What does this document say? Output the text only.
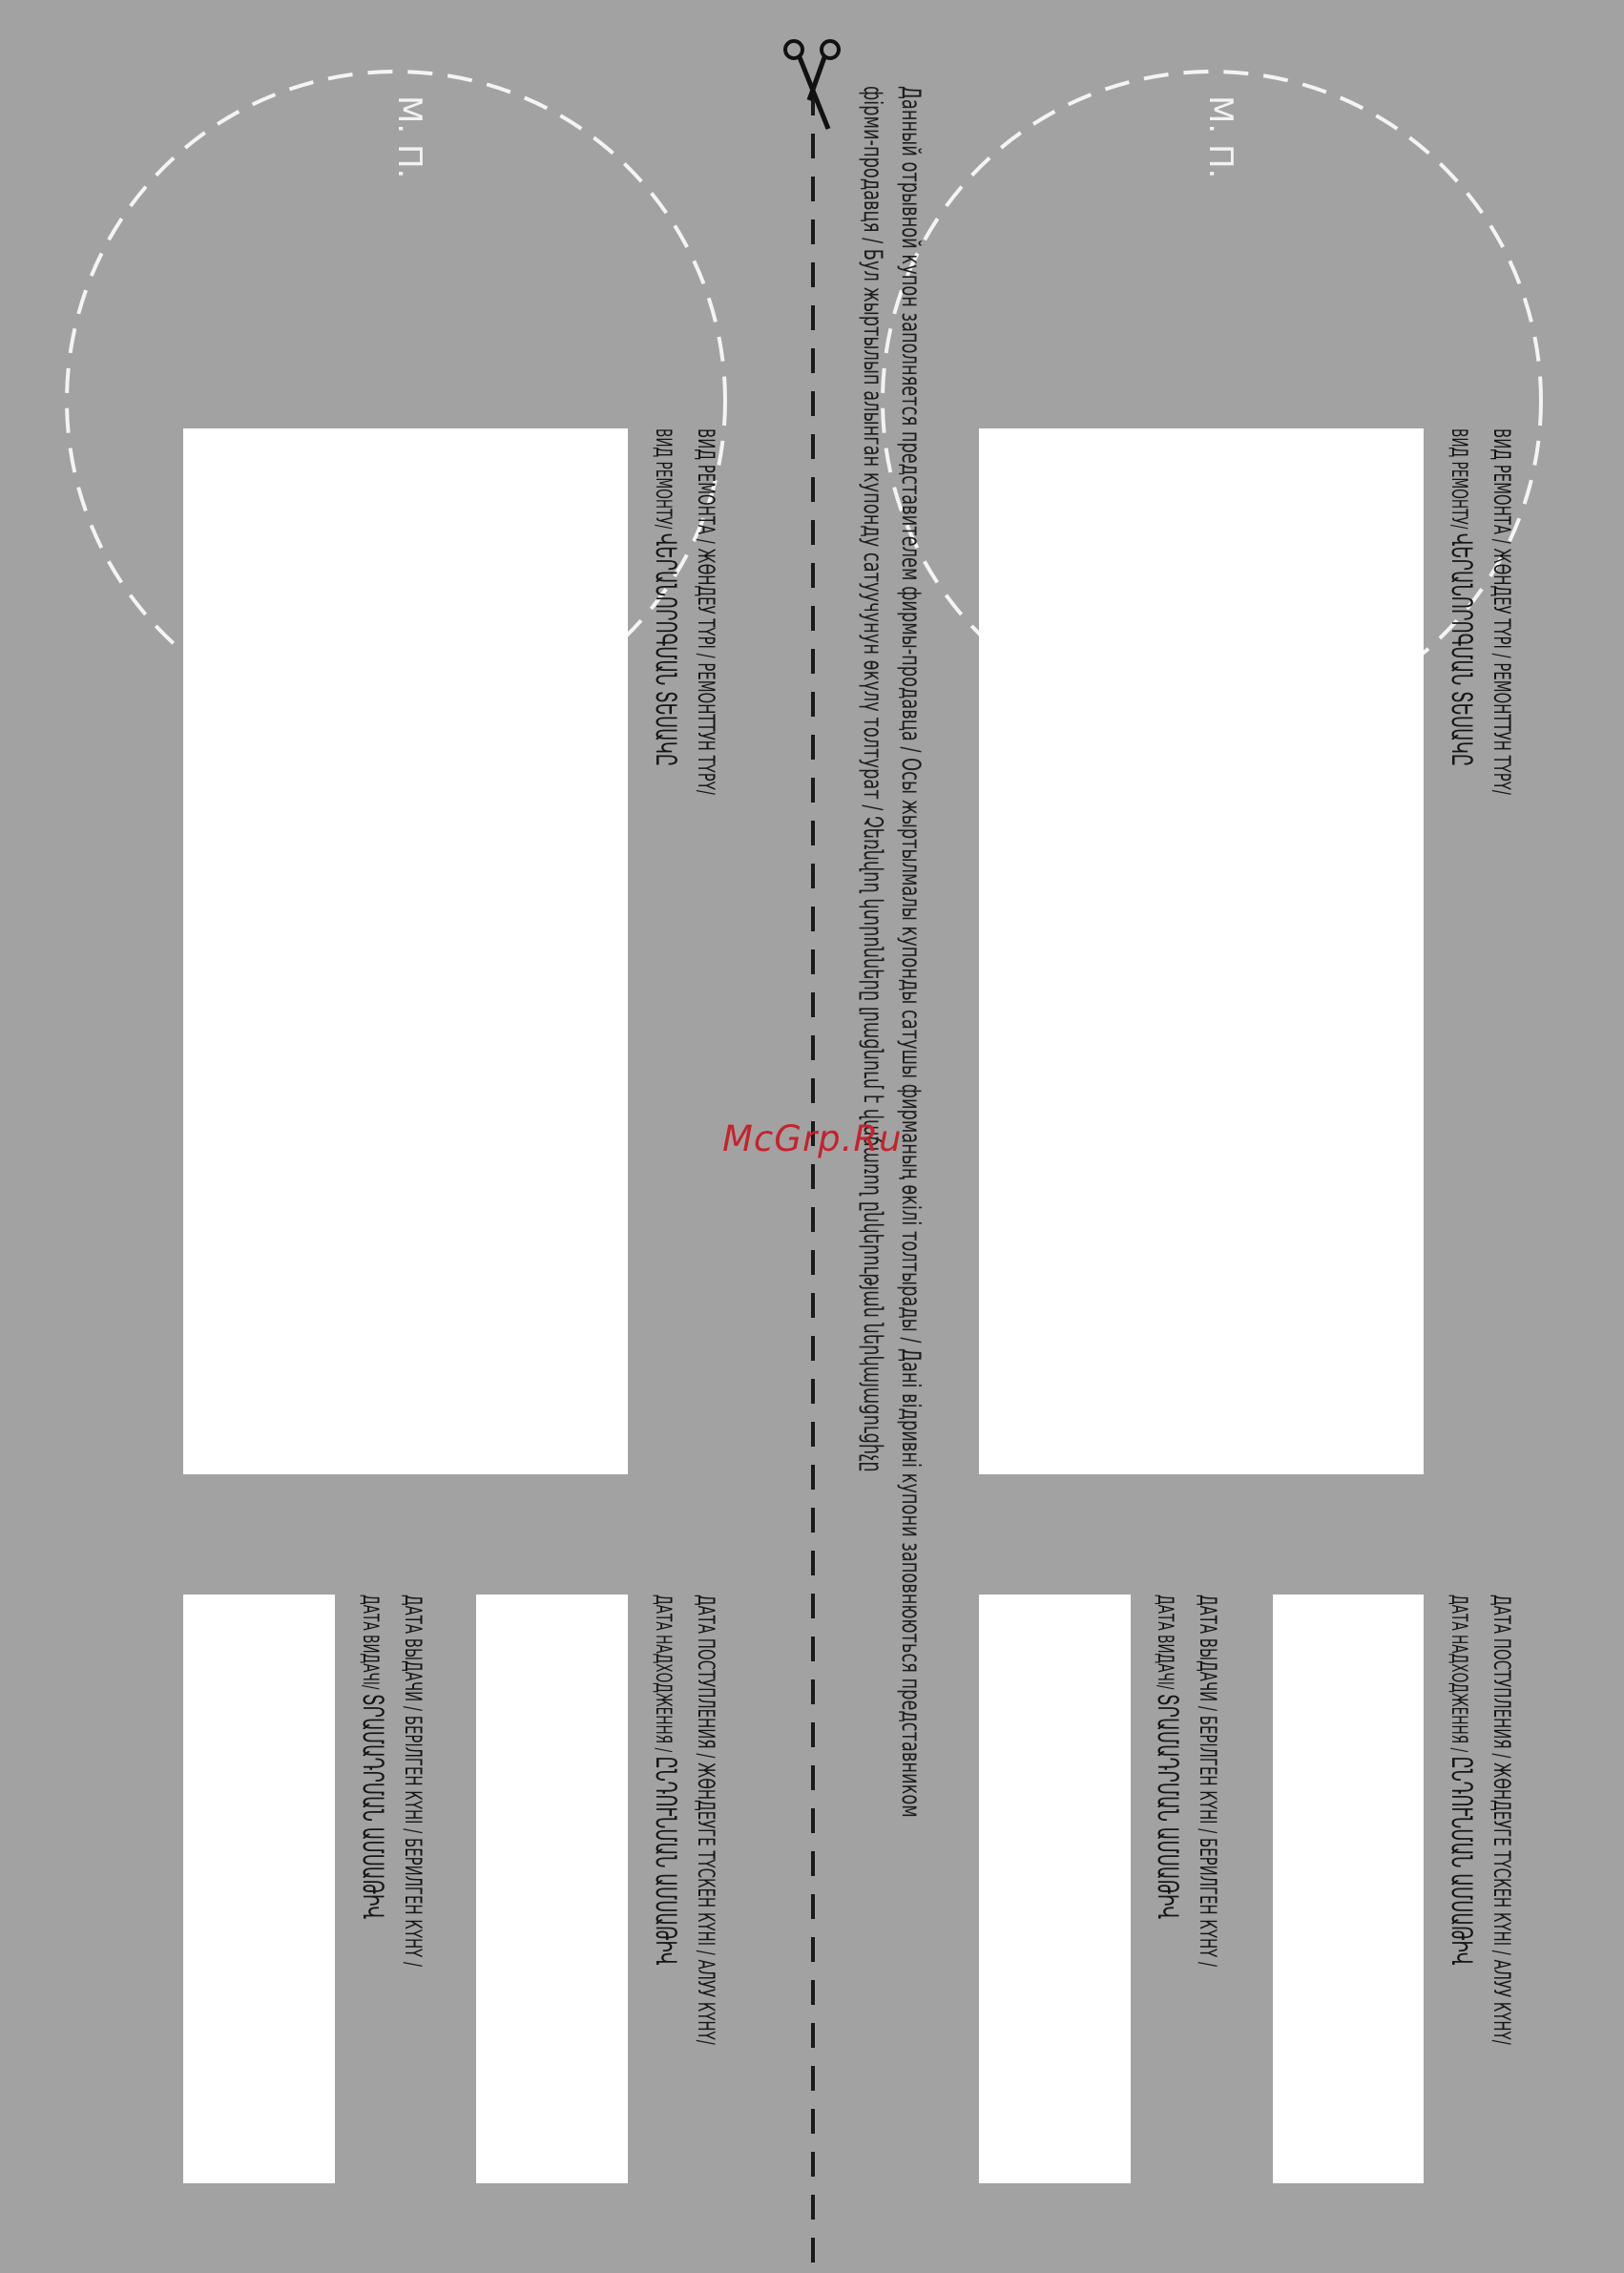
М. П.	М. П.
Данный отрывной купон заполняется представителем фирмы-продавца / Осы жыртылмалы купонды сатушы фирманың өкілі толтырады / Дані відривні купони заповнюються представником
фірми-продавця / Бул жыртылып алынган купонду сатуучунун өкүлү толтурат / Չեռնվող կտրոնները լրացնում է վաճառող ընկերության ներկայացուցիչը
ВИД РЕМОНТА / ЖӨНДЕУ ТҮРІ / РЕМОНТТУН ТҮРҮ/
ВИД РЕМОНТУ/ ՎԵՐԱՆՈՐՈԳՄԱՆ ՏԵՍԱԿԸ
ДАТА ПОСТУПЛЕНИЯ / ЖӨНДЕУГЕ ТҮСКЕН КҮНІ / АЛУУ КҮНҮ/
ДАТА НАДХОДЖЕННЯ / ԸՆԴՈՒՆՄԱՆ ԱՄՍԱԹԻՎ
ДАТА ВЫДАЧИ / БЕРІЛГЕН КҮНІ / БЕРИЛГЕН КҮНҮ /
ДАТА ВИДАЧІ/ ՏՐԱՄԱԴՐՄԱՆ ԱՄՍԱԹԻՎ
ВИД РЕМОНТА / ЖӨНДЕУ ТҮРІ / РЕМОНТТУН ТҮРҮ/
ВИД РЕМОНТУ/ ՎԵՐԱՆՈՐՈԳՄԱՆ ՏԵՍԱԿԸ
ДАТА ПОСТУПЛЕНИЯ / ЖӨНДЕУГЕ ТҮСКЕН КҮНІ / АЛУУ КҮНҮ/
ДАТА НАДХОДЖЕННЯ / ԸՆԴՈՒՆՄԱՆ ԱՄՍԱԹԻՎ
ДАТА ВЫДАЧИ / БЕРІЛГЕН КҮНІ / БЕРИЛГЕН КҮНҮ /
ДАТА ВИДАЧІ/ ՏՐԱՄԱԴՐՄԱՆ ԱՄՍԱԹԻՎ
McGrp.Ru
